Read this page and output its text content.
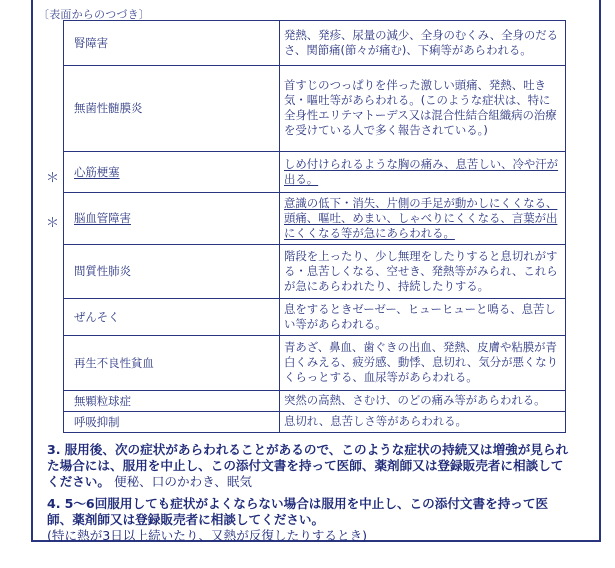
〔表面からのつづき〕
＊
＊
腎障害	発熱、発疹、尿量の減少、全身のむくみ、全身のだるさ、関節痛(節々が痛む)、下痢等があらわれる。
無菌性髄膜炎	首すじのつっぱりを伴った激しい頭痛、発熱、吐き気・嘔吐等があらわれる。(このような症状は、特に全身性エリテマトーデス又は混合性結合組織病の治療を受けている人で多く報告されている。)
心筋梗塞	しめ付けられるような胸の痛み、息苦しい、冷や汗が出る。
脳血管障害	意識の低下・消失、片側の手足が動かしにくくなる、頭痛、嘔吐、めまい、しゃべりにくくなる、言葉が出にくくなる等が急にあらわれる。
間質性肺炎	階段を上ったり、少し無理をしたりすると息切れがする・息苦しくなる、空せき、発熱等がみられ、これらが急にあらわれたり、持続したりする。
ぜんそく	息をするときゼーゼー、ヒューヒューと鳴る、息苦しい等があらわれる。
再生不良性貧血	青あざ、鼻血、歯ぐきの出血、発熱、皮膚や粘膜が青白くみえる、疲労感、動悸、息切れ、気分が悪くなりくらっとする、血尿等があらわれる。
無顆粒球症	突然の高熱、さむけ、のどの痛み等があらわれる。
呼吸抑制	息切れ、息苦しさ等があらわれる。
3. 服用後、次の症状があらわれることがあるので、このような症状の持続又は増強が見られた場合には、服用を中止し、この添付文書を持って医師、薬剤師又は登録販売者に相談してください。 便秘、口のかわき、眠気
4. 5～6回服用しても症状がよくならない場合は服用を中止し、この添付文書を持って医師、薬剤師又は登録販売者に相談してください。
(特に熱が3日以上続いたり、又熱が反復したりするとき)
